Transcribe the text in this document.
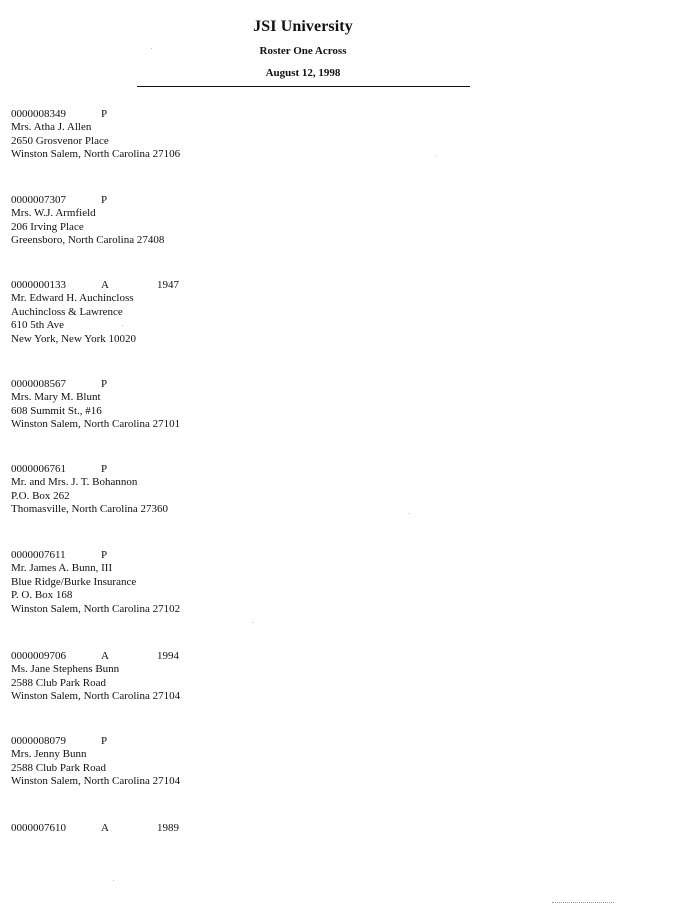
JSI University
Roster One Across
August 12, 1998
0000008349	P
Mrs. Atha J. Allen
2650 Grosvenor Place
Winston Salem, North Carolina 27106
0000007307	P
Mrs. W.J. Armfield
206 Irving Place
Greensboro, North Carolina 27408
0000000133	A	1947
Mr. Edward H. Auchincloss
Auchincloss & Lawrence
610 5th Ave
New York, New York 10020
0000008567	P
Mrs. Mary M. Blunt
608 Summit St., #16
Winston Salem, North Carolina 27101
0000006761	P
Mr. and Mrs. J. T. Bohannon
P.O. Box 262
Thomasville, North Carolina 27360
0000007611	P
Mr. James A. Bunn, III
Blue Ridge/Burke Insurance
P. O. Box 168
Winston Salem, North Carolina 27102
0000009706	A	1994
Ms. Jane Stephens Bunn
2588 Club Park Road
Winston Salem, North Carolina 27104
0000008079	P
Mrs. Jenny Bunn
2588 Club Park Road
Winston Salem, North Carolina 27104
0000007610	A	1989
